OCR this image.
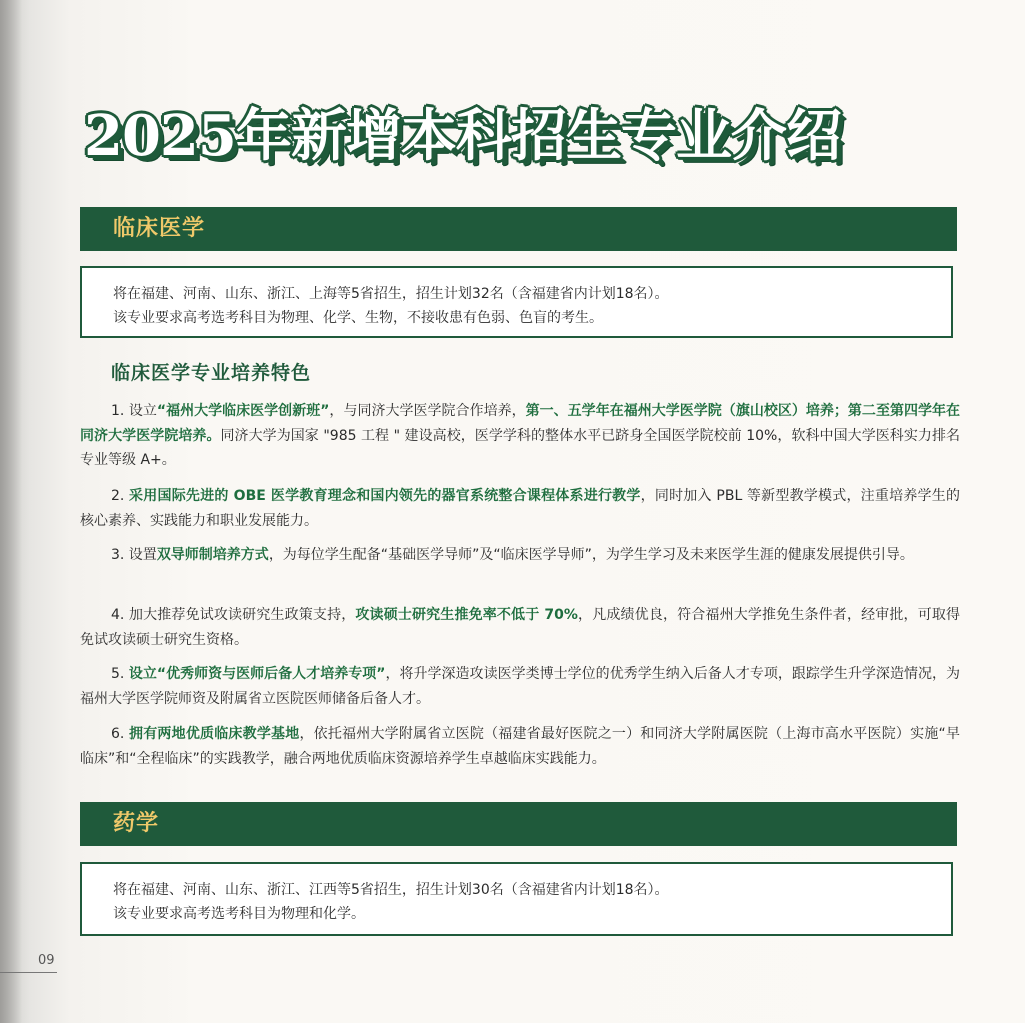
2025年新增本科招生专业介绍
临床医学

将在福建、河南、山东、浙江、上海等5省招生，招生计划32名（含福建省内计划18名）。

该专业要求高考选考科目为物理、化学、生物，不接收患有色弱、色盲的考生。

临床医学专业培养特色

1. 设立“福州大学临床医学创新班”，与同济大学医学院合作培养，第一、五学年在福州大学医学院（旗山校区）培养；第二至第四学年在同济大学医学院培养。同济大学为国家 "985 工程 " 建设高校，医学学科的整体水平已跻身全国医学院校前 10%，软科中国大学医科实力排名专业等级 A+。

2. 采用国际先进的 OBE 医学教育理念和国内领先的器官系统整合课程体系进行教学，同时加入 PBL 等新型教学模式，注重培养学生的核心素养、实践能力和职业发展能力。

3. 设置双导师制培养方式，为每位学生配备“基础医学导师”及“临床医学导师”，为学生学习及未来医学生涯的健康发展提供引导。

4. 加大推荐免试攻读研究生政策支持，攻读硕士研究生推免率不低于 70%，凡成绩优良，符合福州大学推免生条件者，经审批，可取得免试攻读硕士研究生资格。

5. 设立“优秀师资与医师后备人才培养专项”，将升学深造攻读医学类博士学位的优秀学生纳入后备人才专项，跟踪学生升学深造情况，为福州大学医学院师资及附属省立医院医师储备后备人才。

6. 拥有两地优质临床教学基地，依托福州大学附属省立医院（福建省最好医院之一）和同济大学附属医院（上海市高水平医院）实施“早临床”和“全程临床”的实践教学，融合两地优质临床资源培养学生卓越临床实践能力。

药学

将在福建、河南、山东、浙江、江西等5省招生，招生计划30名（含福建省内计划18名）。

该专业要求高考选考科目为物理和化学。

09
